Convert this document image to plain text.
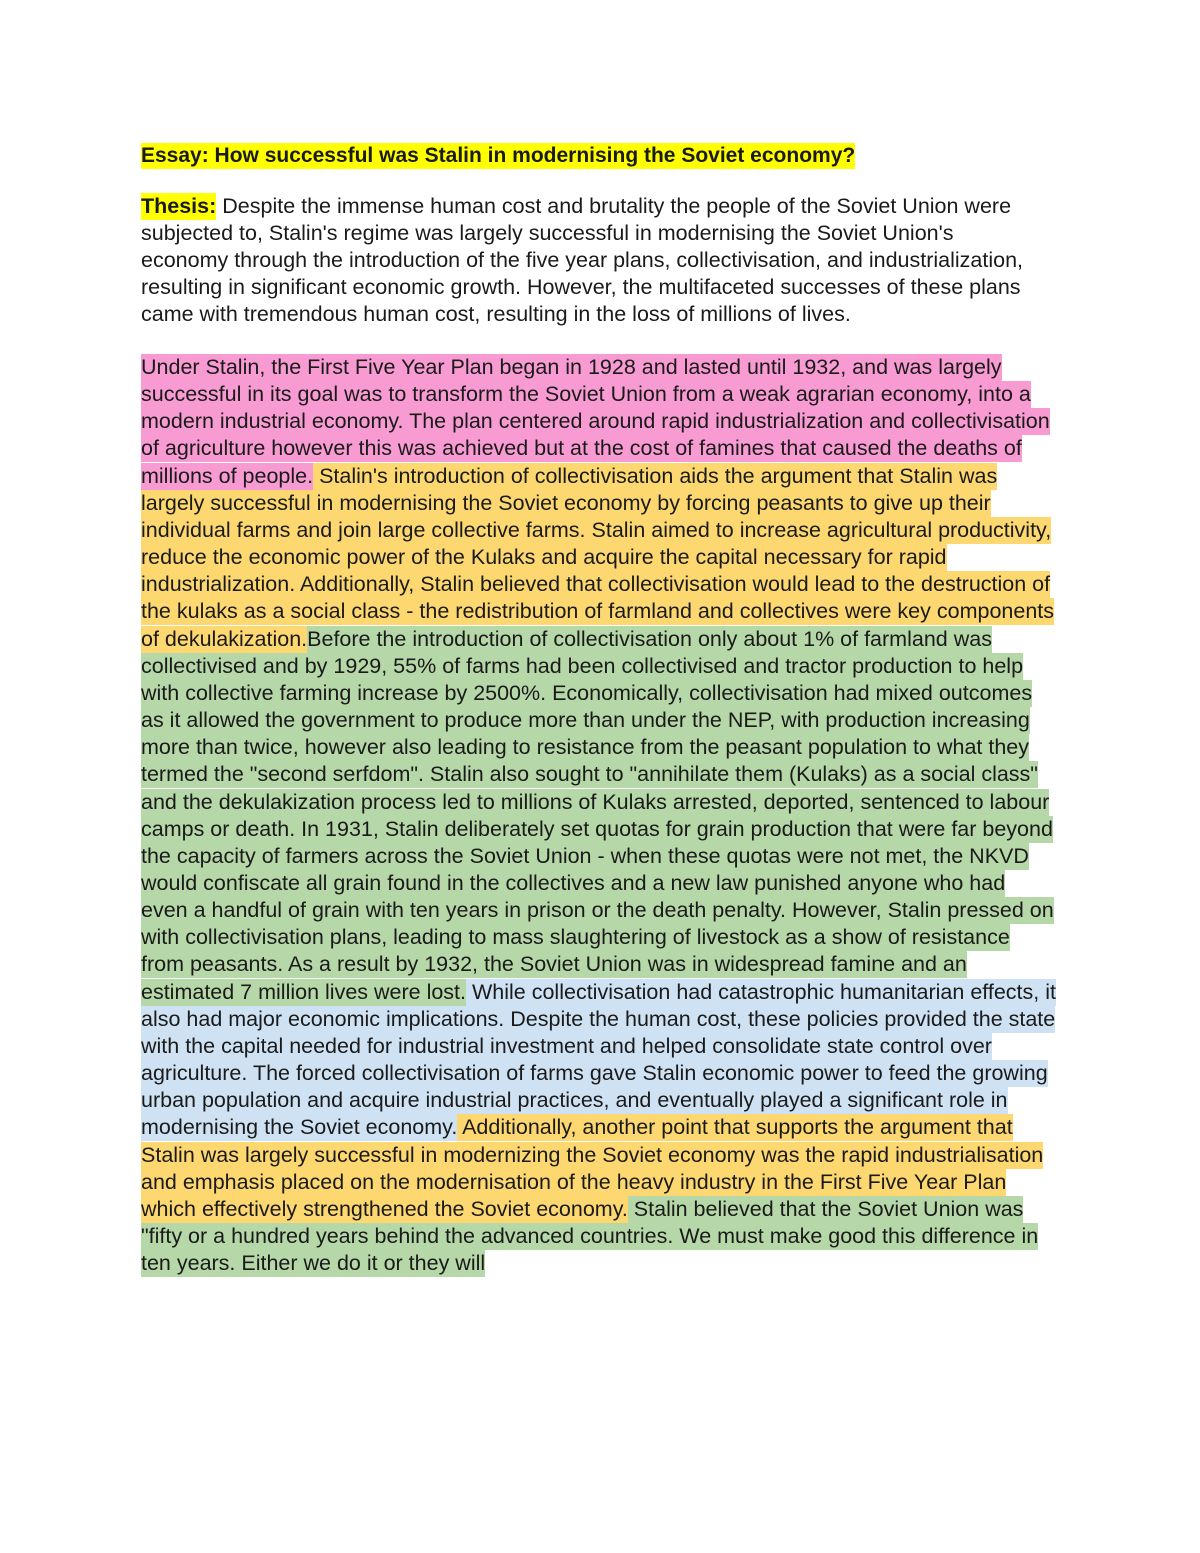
Essay: How successful was Stalin in modernising the Soviet economy?

Thesis: Despite the immense human cost and brutality the people of the Soviet Union were subjected to, Stalin's regime was largely successful in modernising the Soviet Union's economy through the introduction of the five year plans, collectivisation, and industrialization, resulting in significant economic growth. However, the multifaceted successes of these plans came with tremendous human cost, resulting in the loss of millions of lives.

Under Stalin, the First Five Year Plan began in 1928 and lasted until 1932, and was largely successful in its goal was to transform the Soviet Union from a weak agrarian economy, into a modern industrial economy. The plan centered around rapid industrialization and collectivisation of agriculture however this was achieved but at the cost of famines that caused the deaths of millions of people. Stalin's introduction of collectivisation aids the argument that Stalin was largely successful in modernising the Soviet economy by forcing peasants to give up their individual farms and join large collective farms. Stalin aimed to increase agricultural productivity, reduce the economic power of the Kulaks and acquire the capital necessary for rapid industrialization. Additionally, Stalin believed that collectivisation would lead to the destruction of the kulaks as a social class - the redistribution of farmland and collectives were key components of dekulakization.Before the introduction of collectivisation only about 1% of farmland was collectivised and by 1929, 55% of farms had been collectivised and tractor production to help with collective farming increase by 2500%. Economically, collectivisation had mixed outcomes as it allowed the government to produce more than under the NEP, with production increasing more than twice, however also leading to resistance from the peasant population to what they termed the "second serfdom". Stalin also sought to "annihilate them (Kulaks) as a social class" and the dekulakization process led to millions of Kulaks arrested, deported, sentenced to labour camps or death. In 1931, Stalin deliberately set quotas for grain production that were far beyond the capacity of farmers across the Soviet Union - when these quotas were not met, the NKVD would confiscate all grain found in the collectives and a new law punished anyone who had even a handful of grain with ten years in prison or the death penalty. However, Stalin pressed on with collectivisation plans, leading to mass slaughtering of livestock as a show of resistance from peasants. As a result by 1932, the Soviet Union was in widespread famine and an estimated 7 million lives were lost. While collectivisation had catastrophic humanitarian effects, it also had major economic implications. Despite the human cost, these policies provided the state with the capital needed for industrial investment and helped consolidate state control over agriculture. The forced collectivisation of farms gave Stalin economic power to feed the growing urban population and acquire industrial practices, and eventually played a significant role in modernising the Soviet economy. Additionally, another point that supports the argument that Stalin was largely successful in modernizing the Soviet economy was the rapid industrialisation and emphasis placed on the modernisation of the heavy industry in the First Five Year Plan which effectively strengthened the Soviet economy. Stalin believed that the Soviet Union was "fifty or a hundred years behind the advanced countries. We must make good this difference in ten years. Either we do it or they will
